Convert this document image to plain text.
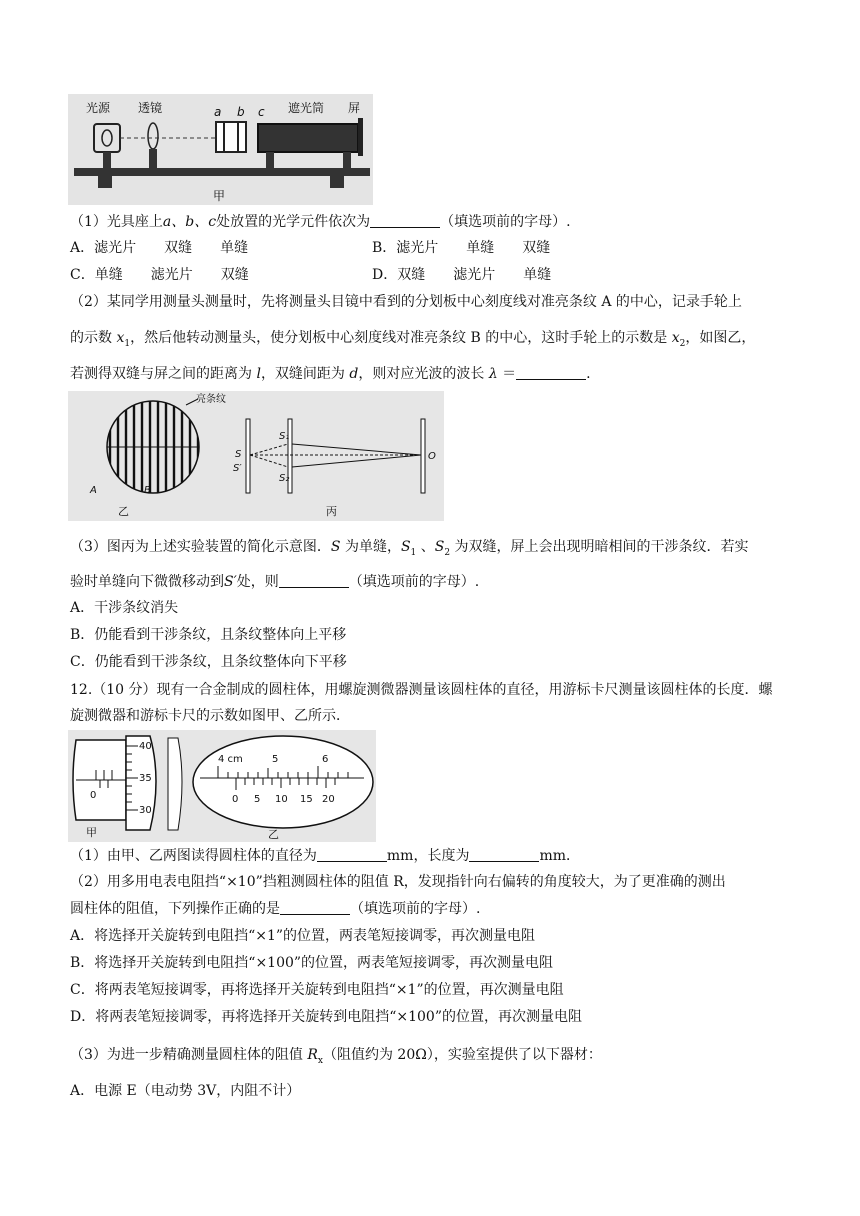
光源 透镜	a b c 遮光筒 屏
甲
（1）光具座上a、b、c处放置的光学元件依次为	（填选项前的字母）.
A．滤光片　　双缝　　单缝	B．滤光片　　单缝　　双缝
C．单缝　　滤光片　　双缝	D．双缝　　滤光片　　单缝
（2）某同学用测量头测量时，先将测量头目镜中看到的分划板中心刻度线对准亮条纹 A 的中心，记录手轮上
的示数 $x_1$，然后他转动测量头，使分划板中心刻度线对准亮条纹 B 的中心，这时手轮上的示数是 $x_2$，如图乙，
若测得双缝与屏之间的距离为 l，双缝间距为 d，则对应光波的波长 λ ＝	.
亮条纹
A	B
乙
S₁
S
S′
S₂
O
丙
（3）图丙为上述实验装置的简化示意图．S 为单缝，$S_1$ 、$S_2$ 为双缝，屏上会出现明暗相间的干涉条纹．若实
验时单缝向下微微移动到S′处，则	（填选项前的字母）.
A．干涉条纹消失
B．仍能看到干涉条纹，且条纹整体向上平移
C．仍能看到干涉条纹，且条纹整体向下平移
12.（10 分）现有一合金制成的圆柱体，用螺旋测微器测量该圆柱体的直径，用游标卡尺测量该圆柱体的长度．螺
旋测微器和游标卡尺的示数如图甲、乙所示．
40
35
30
0
甲
4 cm	5	6
0 5 10 15 20
乙
（1）由甲、乙两图读得圆柱体的直径为	mm，长度为	mm．
（2）用多用电表电阻挡“×10”挡粗测圆柱体的阻值 R，发现指针向右偏转的角度较大，为了更准确的测出
圆柱体的阻值，下列操作正确的是	（填选项前的字母）.
A．将选择开关旋转到电阻挡“×1”的位置，两表笔短接调零，再次测量电阻
B．将选择开关旋转到电阻挡“×100”的位置，两表笔短接调零，再次测量电阻
C．将两表笔短接调零，再将选择开关旋转到电阻挡“×1”的位置，再次测量电阻
D．将两表笔短接调零，再将选择开关旋转到电阻挡“×100”的位置，再次测量电阻
（3）为进一步精确测量圆柱体的阻值 $R_x$（阻值约为 20Ω），实验室提供了以下器材：
A．电源 E（电动势 3V，内阻不计）
